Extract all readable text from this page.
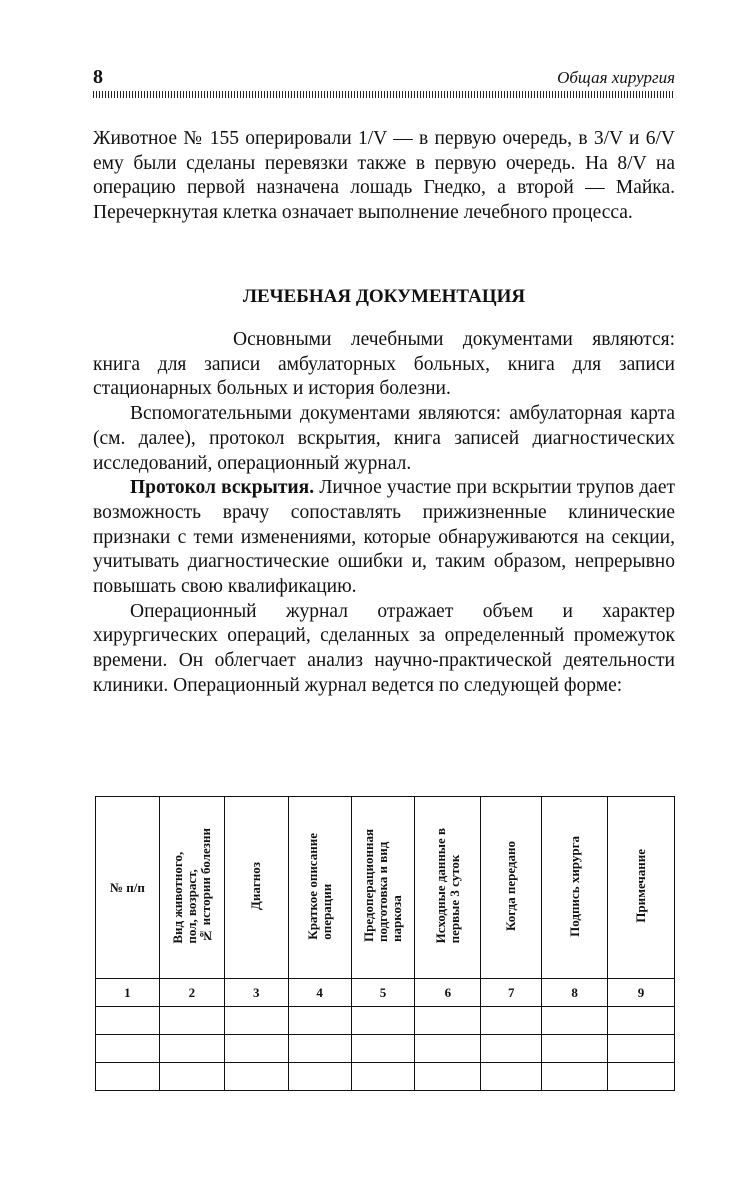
8	Общая хирургия

Животное № 155 оперировали 1/V — в первую очередь, в 3/V и 6/V ему были сделаны перевязки также в первую очередь. На 8/V на операцию первой назначена лошадь Гнедко, а второй — Майка. Перечеркнутая клетка означает выполнение лечебного процесса.

ЛЕЧЕБНАЯ ДОКУМЕНТАЦИЯ

Основными лечебными документами являются: книга для записи амбулаторных больных, книга для записи стационарных больных и история болезни.

Вспомогательными документами являются: амбулаторная карта (см. далее), протокол вскрытия, книга записей диагностических исследований, операционный журнал.

Протокол вскрытия. Личное участие при вскрытии трупов дает возможность врачу сопоставлять прижизненные клинические признаки с теми изменениями, которые обнаруживаются на секции, учитывать диагностические ошибки и, таким образом, непрерывно повышать свою квалификацию.

Операционный журнал отражает объем и характер хирургических операций, сделанных за определенный промежуток времени. Он облегчает анализ научно-практической деятельности клиники. Операционный журнал ведется по следующей форме:

№ п/п	Вид животного,
пол, возраст,
№ истории болезни	Диагноз	Краткое описание
операции	Предоперационная
подготовка и вид
наркоза	Исходные данные в
первые 3 суток	Когда передано	Подпись хирурга	Примечание
1	2	3	4	5	6	7	8	9
